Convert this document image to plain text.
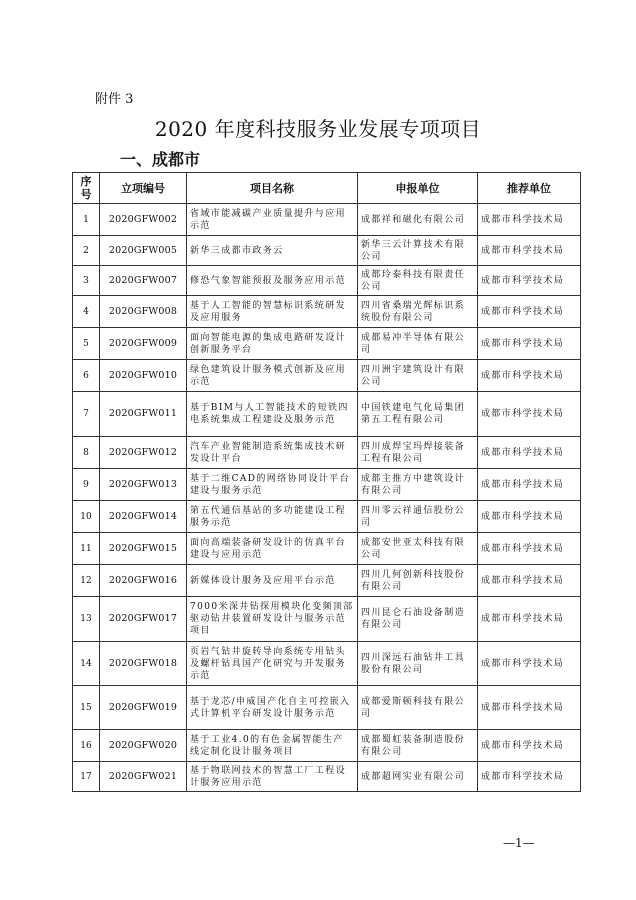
附件 3
2020 年度科技服务业发展专项项目
一、成都市
序号	立项编号	项目名称	申报单位	推荐单位
1	2020GFW002	省域市能减碳产业质量提升与应用示范	成都祥和磁化有限公司	成都市科学技术局
2	2020GFW005	新华三成都市政务云	新华三云计算技术有限公司	成都市科学技术局
3	2020GFW007	修恐气象智能预报及服务应用示范	成都玲泰科技有限责任公司	成都市科学技术局
4	2020GFW008	基于人工智能的智慧标识系统研发及应用服务	四川省桑瑞光辉标识系统股份有限公司	成都市科学技术局
5	2020GFW009	面向智能电源的集成电路研发设计创新服务平台	成都易冲半导体有限公司	成都市科学技术局
6	2020GFW010	绿色建筑设计服务模式创新及应用示范	四川洲宇建筑设计有限公司	成都市科学技术局
7	2020GFW011	基于BIM与人工智能技术的短铁四电系统集成工程建设及服务示范	中国铁建电气化局集团第五工程有限公司	成都市科学技术局
8	2020GFW012	汽车产业智能制造系统集成技术研发设计平台	四川成焊宝玛焊接装备工程有限公司	成都市科学技术局
9	2020GFW013	基于二维CAD的网络协同设计平台建设与服务示范	成都主推方中建筑设计有限公司	成都市科学技术局
10	2020GFW014	第五代通信基站的多功能建设工程服务示范	四川零云祥通信股份公司	成都市科学技术局
11	2020GFW015	面向高端装备研发设计的仿真平台建设与应用示范	成都安世亚太科技有限公司	成都市科学技术局
12	2020GFW016	新媒体设计服务及应用平台示范	四川几何创新科技股份有限公司	成都市科学技术局
13	2020GFW017	7000米深井钻探用模块化变频顶部驱动钻井装置研发设计与服务示范项目	四川昆仑石油设备制造有限公司	成都市科学技术局
14	2020GFW018	页岩气钻井旋转导向系统专用钻头及螺杆钻具国产化研究与开发服务示范	四川深远石油钻井工具股份有限公司	成都市科学技术局
15	2020GFW019	基于龙芯/申威国产化自主可控嵌入式计算机平台研发设计服务示范	成都爱斯顿科技有限公司	成都市科学技术局
16	2020GFW020	基于工业4.0的有色金属智能生产线定制化设计服务项目	成都蜀虹装备制造股份有限公司	成都市科学技术局
17	2020GFW021	基于物联网技术的智慧工厂工程设计服务应用示范	成都超网实业有限公司	成都市科学技术局
—1—
